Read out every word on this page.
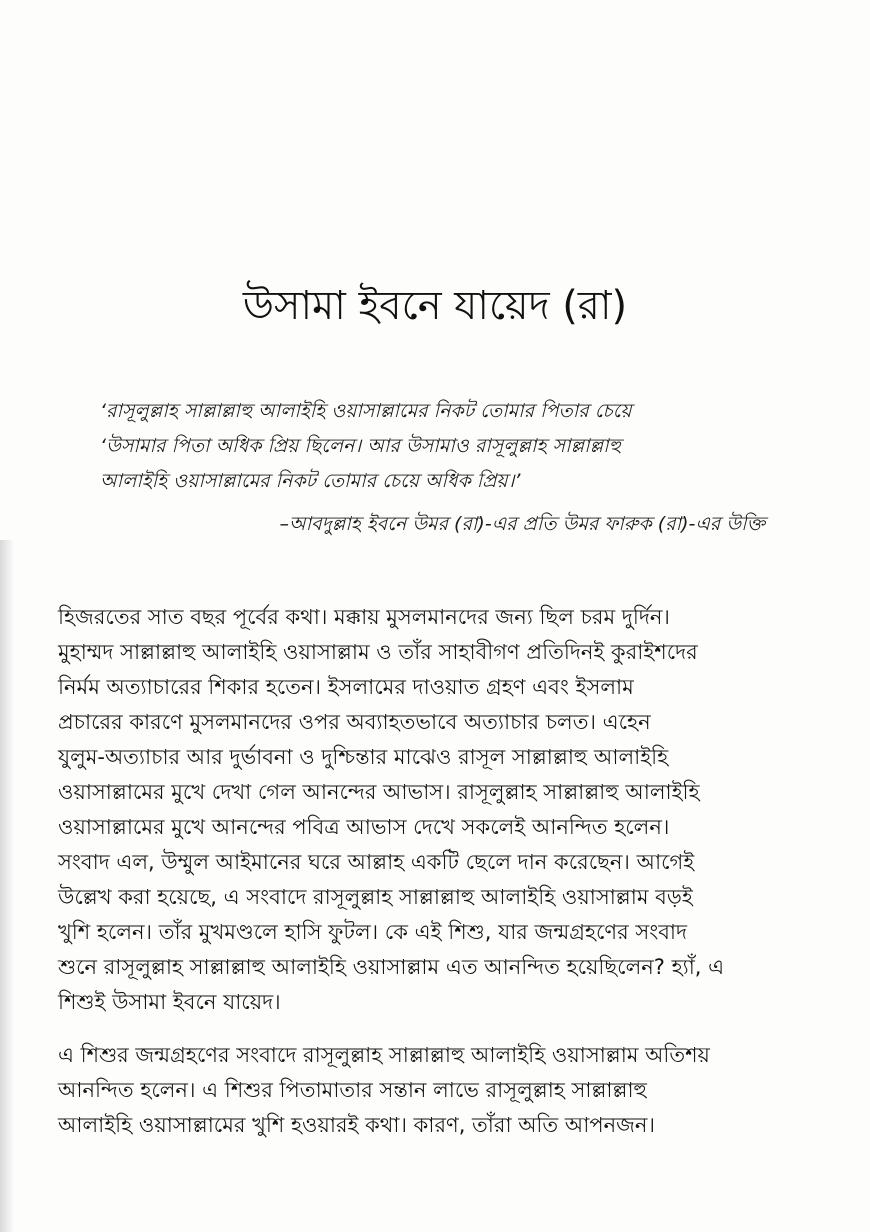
উসামা ইবনে যায়েদ (রা)
‘রাসূলুল্লাহ সাল্লাল্লাহু আলাইহি ওয়াসাল্লামের নিকট তোমার পিতার চেয়ে
‘উসামার পিতা অধিক প্রিয় ছিলেন। আর উসামাও রাসূলুল্লাহ সাল্লাল্লাহু
আলাইহি ওয়াসাল্লামের নিকট তোমার চেয়ে অধিক প্রিয়।’
–আবদুল্লাহ ইবনে উমর (রা)-এর প্রতি উমর ফারুক (রা)-এর উক্তি
হিজরতের সাত বছর পূর্বের কথা। মক্কায় মুসলমানদের জন্য ছিল চরম দুর্দিন।
মুহাম্মদ সাল্লাল্লাহু আলাইহি ওয়াসাল্লাম ও তাঁর সাহাবীগণ প্রতিদিনই কুরাইশদের
নির্মম অত্যাচারের শিকার হতেন। ইসলামের দাওয়াত গ্রহণ এবং ইসলাম
প্রচারের কারণে মুসলমানদের ওপর অব্যাহতভাবে অত্যাচার চলত। এহেন
যুলুম-অত্যাচার আর দুর্ভাবনা ও দুশ্চিন্তার মাঝেও রাসূল সাল্লাল্লাহু আলাইহি
ওয়াসাল্লামের মুখে দেখা গেল আনন্দের আভাস। রাসূলুল্লাহ সাল্লাল্লাহু আলাইহি
ওয়াসাল্লামের মুখে আনন্দের পবিত্র আভাস দেখে সকলেই আনন্দিত হলেন।
সংবাদ এল, উম্মুল আইমানের ঘরে আল্লাহ একটি ছেলে দান করেছেন। আগেই
উল্লেখ করা হয়েছে, এ সংবাদে রাসূলুল্লাহ সাল্লাল্লাহু আলাইহি ওয়াসাল্লাম বড়ই
খুশি হলেন। তাঁর মুখমণ্ডলে হাসি ফুটল। কে এই শিশু, যার জন্মগ্রহণের সংবাদ
শুনে রাসূলুল্লাহ সাল্লাল্লাহু আলাইহি ওয়াসাল্লাম এত আনন্দিত হয়েছিলেন? হ্যাঁ, এ
শিশুই উসামা ইবনে যায়েদ।
এ শিশুর জন্মগ্রহণের সংবাদে রাসূলুল্লাহ সাল্লাল্লাহু আলাইহি ওয়াসাল্লাম অতিশয়
আনন্দিত হলেন। এ শিশুর পিতামাতার সন্তান লাভে রাসূলুল্লাহ সাল্লাল্লাহু
আলাইহি ওয়াসাল্লামের খুশি হওয়ারই কথা। কারণ, তাঁরা অতি আপনজন।
